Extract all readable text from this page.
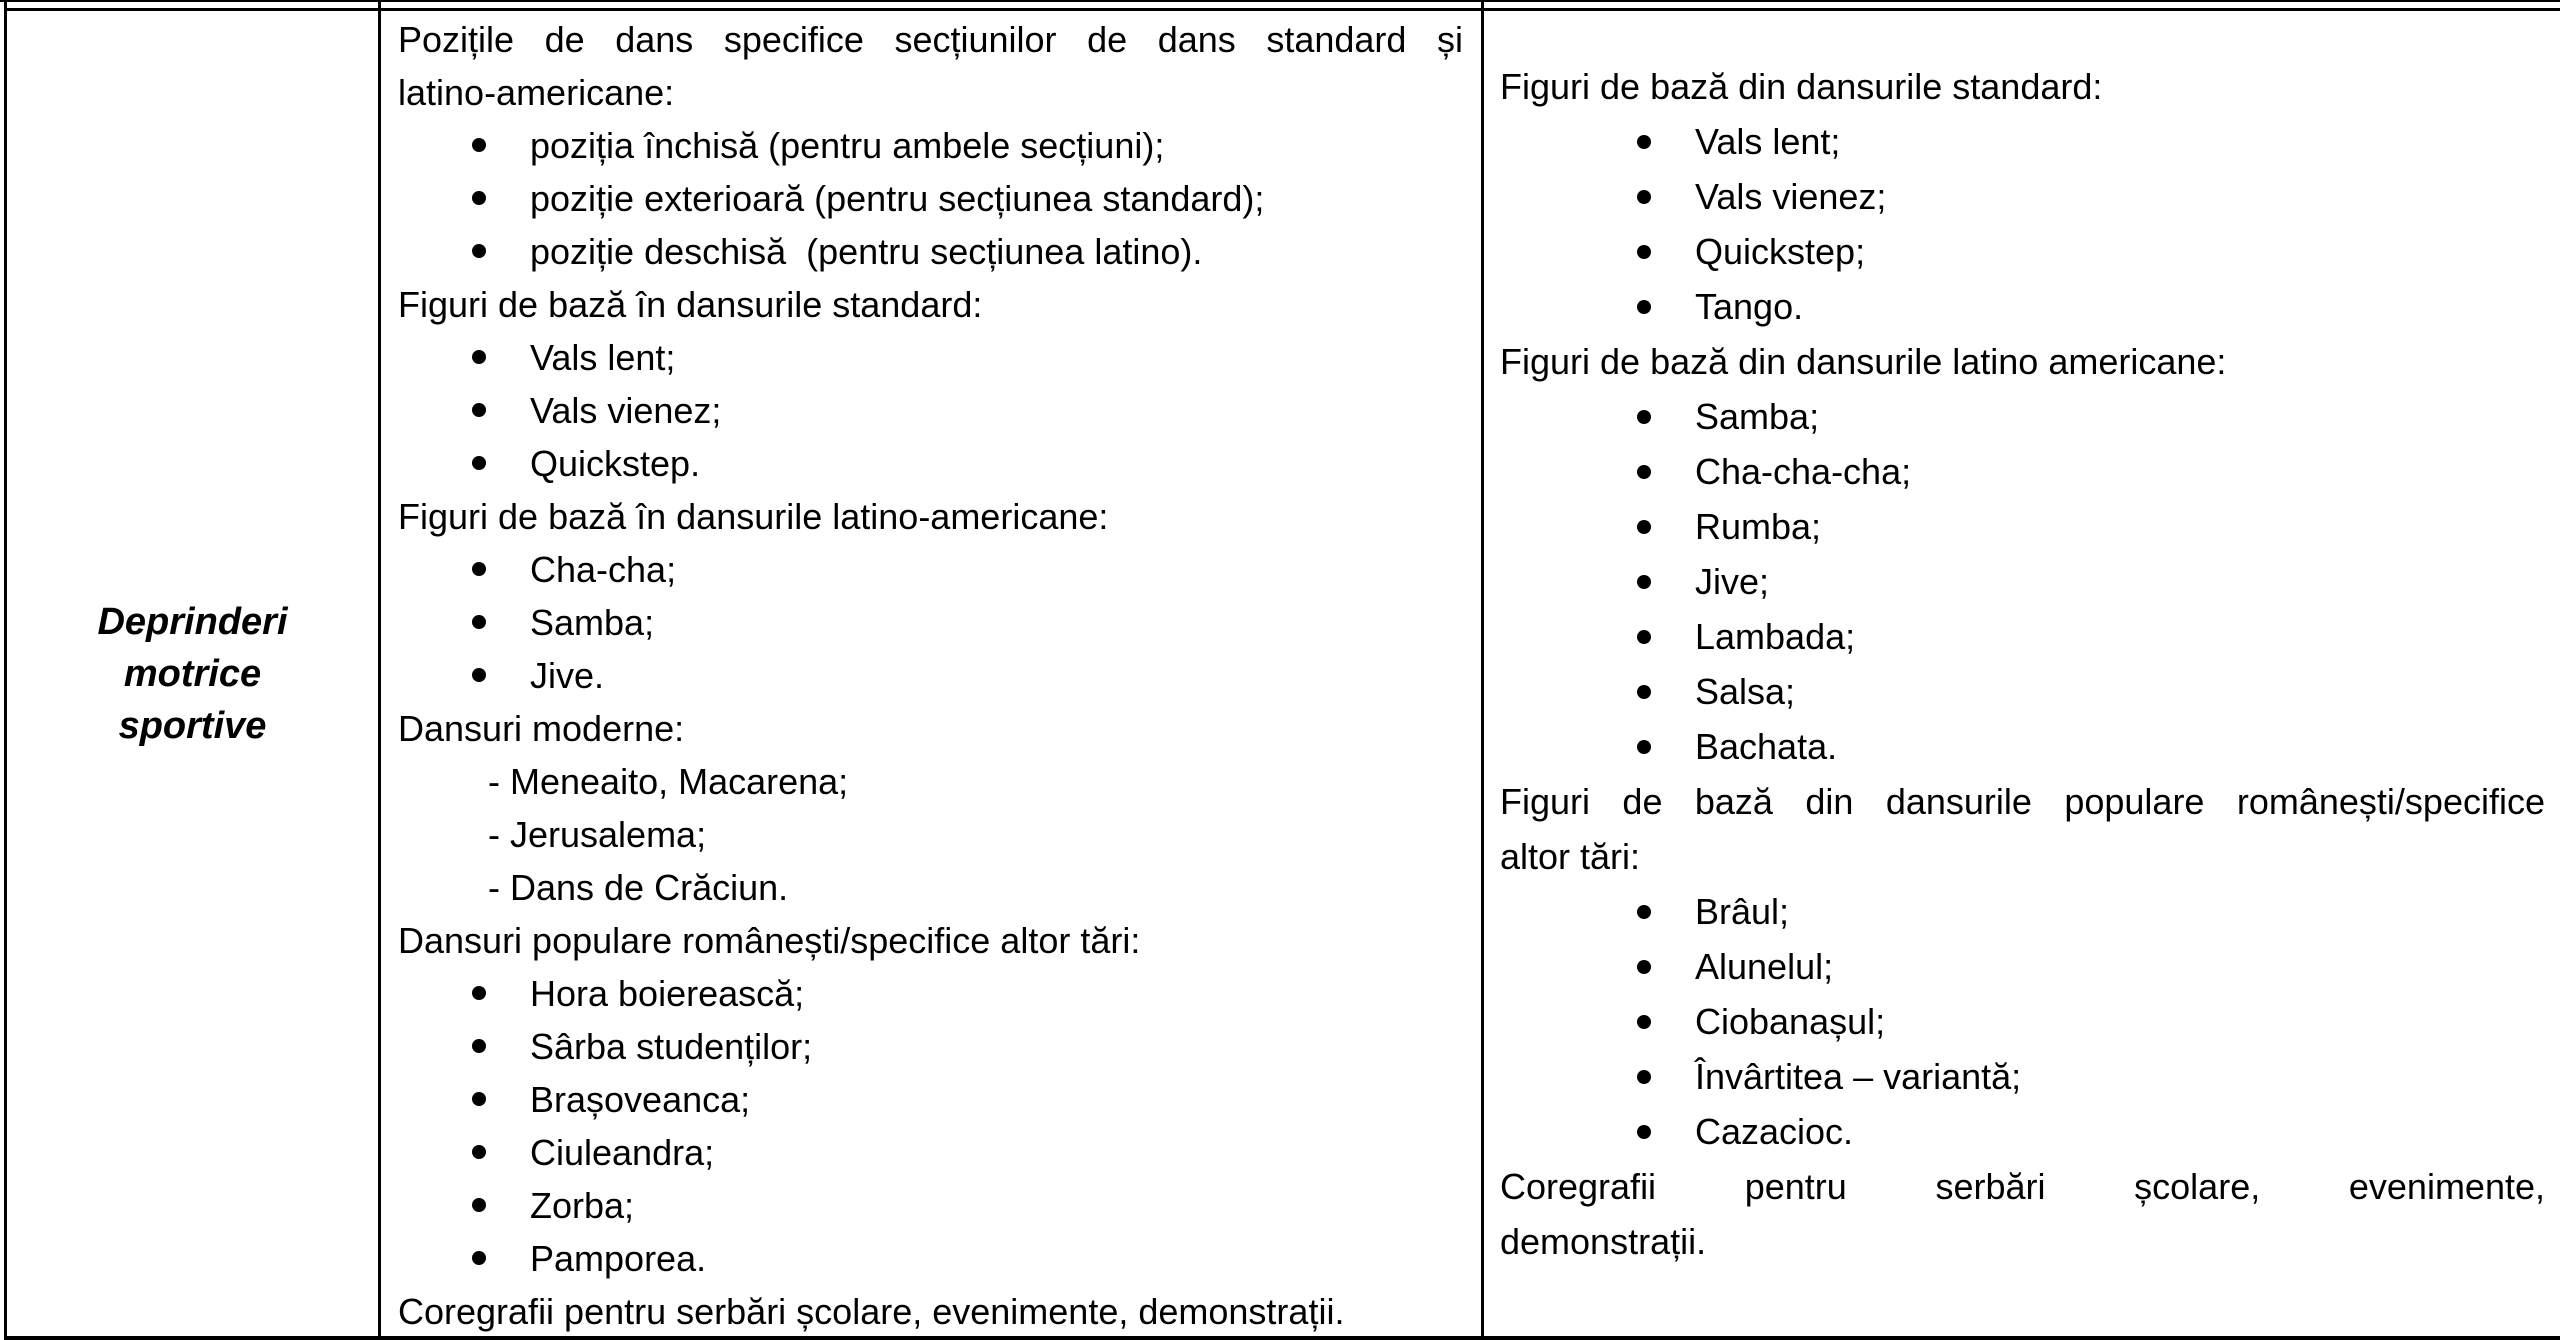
Deprinderi
motrice
sportive
Pozițile de dans specifice secțiunilor de dans standard și
latino-americane:
poziția închisă (pentru ambele secțiuni);
poziție exterioară (pentru secțiunea standard);
poziție deschisă  (pentru secțiunea latino).
Figuri de bază în dansurile standard:
Vals lent;
Vals vienez;
Quickstep.
Figuri de bază în dansurile latino-americane:
Cha-cha;
Samba;
Jive.
Dansuri moderne:
- Meneaito, Macarena;
- Jerusalema;
- Dans de Crăciun.
Dansuri populare românești/specifice altor tări:
Hora boierească;
Sârba studenților;
Brașoveanca;
Ciuleandra;
Zorba;
Pamporea.
Coregrafii pentru serbări școlare, evenimente, demonstrații.
Figuri de bază din dansurile standard:
Vals lent;
Vals vienez;
Quickstep;
Tango.
Figuri de bază din dansurile latino americane:
Samba;
Cha-cha-cha;
Rumba;
Jive;
Lambada;
Salsa;
Bachata.
Figuri de bază din dansurile populare românești/specifice
altor tări:
Brâul;
Alunelul;
Ciobanașul;
Învârtitea – variantă;
Cazacioc.
Coregrafii pentru serbări școlare, evenimente,
demonstrații.
